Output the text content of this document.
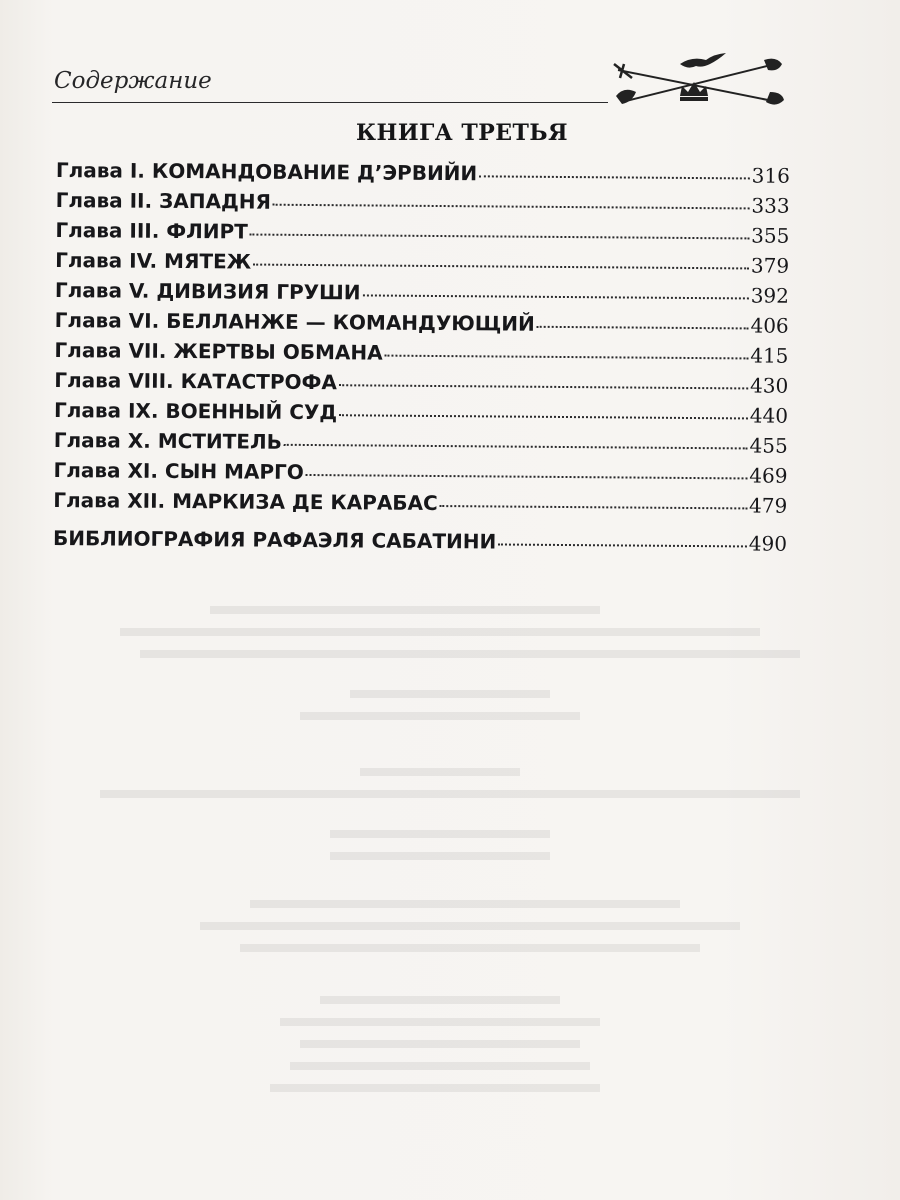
Содержание
КНИГА ТРЕТЬЯ
Глава I. КОМАНДОВАНИЕ Д’ЭРВИЙИ	316
Глава II. ЗАПАДНЯ	333
Глава III. ФЛИРТ	355
Глава IV. МЯТЕЖ	379
Глава V. ДИВИЗИЯ ГРУШИ	392
Глава VI. БЕЛЛАНЖЕ — КОМАНДУЮЩИЙ	406
Глава VII. ЖЕРТВЫ ОБМАНА	415
Глава VIII. КАТАСТРОФА	430
Глава IX. ВОЕННЫЙ СУД	440
Глава X. МСТИТЕЛЬ	455
Глава XI. СЫН МАРГО	469
Глава XII. МАРКИЗА ДЕ КАРАБАС	479
БИБЛИОГРАФИЯ РАФАЭЛЯ САБАТИНИ	490
